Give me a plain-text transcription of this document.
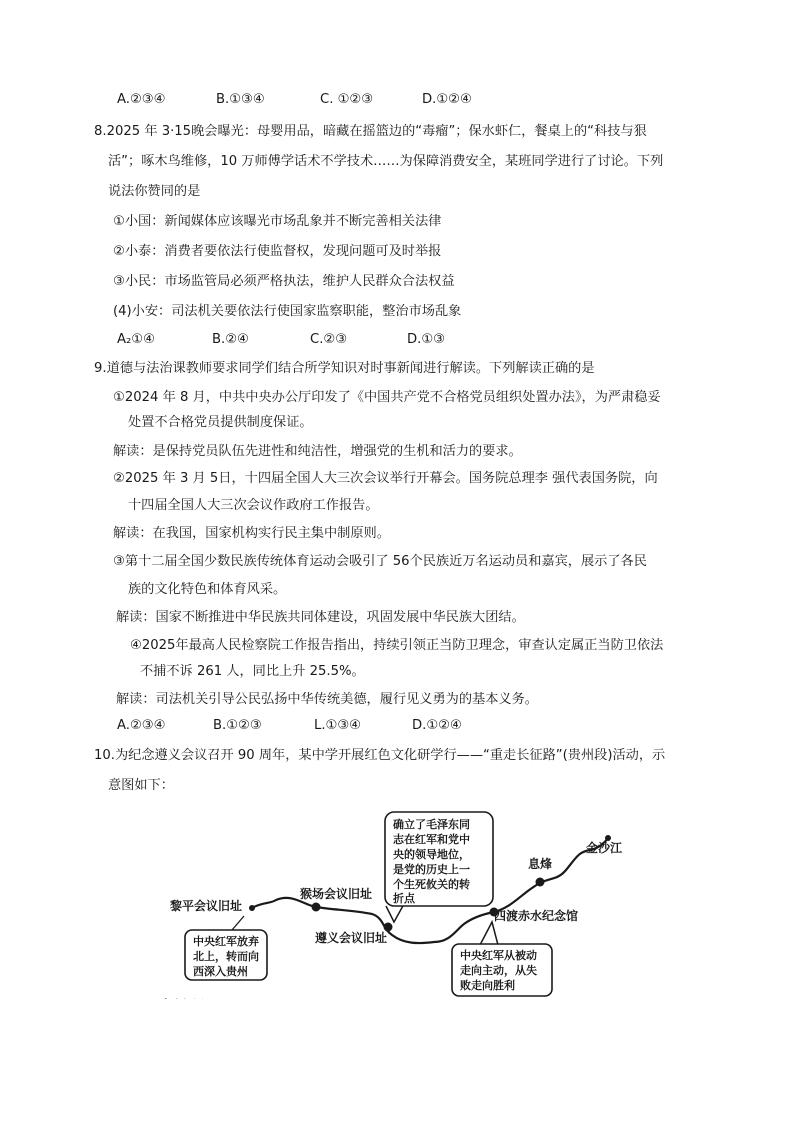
A.②③④	B.①③④	C. ①②③	D.①②④
8.2025 年 3·15晚会曝光：母婴用品，暗藏在摇篮边的“毒瘤”；保水虾仁，餐桌上的“科技与狠
活”；啄木鸟维修，10 万师傅学话术不学技术……为保障消费安全，某班同学进行了讨论。下列
说法你赞同的是
①小国：新闻媒体应该曝光市场乱象并不断完善相关法律
②小泰：消费者要依法行使监督权，发现问题可及时举报
③小民：市场监管局必须严格执法，维护人民群众合法权益
(4)小安：司法机关要依法行使国家监察职能，整治市场乱象
A₂①④	B.②④	C.②③	D.①③
9.道德与法治课教师要求同学们结合所学知识对时事新闻进行解读。下列解读正确的是
①2024 年 8 月，中共中央办公厅印发了《中国共产党不合格党员组织处置办法》，为严肃稳妥
处置不合格党员提供制度保证。
解读：是保持党员队伍先进性和纯洁性，增强党的生机和活力的要求。
②2025 年 3 月 5日，十四届全国人大三次会议举行开幕会。国务院总理李 强代表国务院，向
十四届全国人大三次会议作政府工作报告。
解读：在我国，国家机构实行民主集中制原则。
③第十二届全国少数民族传统体育运动会吸引了 56个民族近万名运动员和嘉宾，展示了各民
族的文化特色和体育风采。
解读：国家不断推进中华民族共同体建设，巩固发展中华民族大团结。
④2025年最高人民检察院工作报告指出，持续引领正当防卫理念，审查认定属正当防卫依法
不捕不诉 261 人，同比上升 25.5%。
解读：司法机关引导公民弘扬中华传统美德，履行见义勇为的基本义务。
A.②③④	B.①②③	L.①③④	D.①②④
10.为纪念遵义会议召开 90 周年，某中学开展红色文化研学行——“重走长征路”(贵州段)活动，示
意图如下：
黎平会议旧址
猴场会议旧址
遵义会议旧址
四渡赤水纪念馆
息烽
金沙江
中央红军放弃
北上，转而向
西深入贵州
确立了毛泽东同
志在红军和党中
央的领导地位，
是党的历史上一
个生死攸关的转
折点
中央红军从被动
走向主动，从失
败走向胜利
